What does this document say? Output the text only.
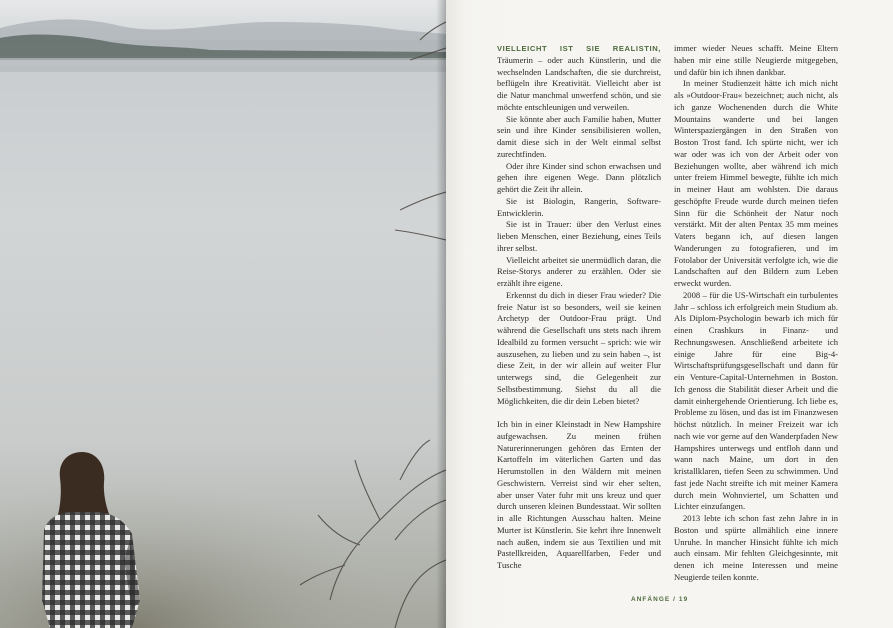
VIELLEICHT IST SIE REALISTIN, Träumerin – oder auch Künstlerin, und die wechselnden Landschaften, die sie durchreist, beflügeln ihre Kreativität. Vielleicht aber ist die Natur manchmal unwerfend schön, und sie möchte entschleunigen und verweilen.

Sie könnte aber auch Familie haben, Mutter sein und ihre Kinder sensibilisieren wollen, damit diese sich in der Welt einmal selbst zurechtfinden.

Oder ihre Kinder sind schon erwachsen und gehen ihre eigenen Wege. Dann plötzlich gehört die Zeit ihr allein.

Sie ist Biologin, Rangerin, Software-Entwicklerin.

Sie ist in Trauer: über den Verlust eines lieben Menschen, einer Beziehung, eines Teils ihrer selbst.

Vielleicht arbeitet sie unermüdlich daran, die Reise-Storys anderer zu erzählen. Oder sie erzählt ihre eigene.

Erkennst du dich in dieser Frau wieder? Die freie Natur ist so besonders, weil sie keinen Archetyp der Outdoor-Frau prägt. Und während die Gesellschaft uns stets nach ihrem Idealbild zu formen versucht – sprich: wie wir auszusehen, zu lieben und zu sein haben –, ist diese Zeit, in der wir allein auf weiter Flur unterwegs sind, die Gelegenheit zur Selbstbestimmung. Siehst du all die Möglichkeiten, die dir dein Leben bietet?

Ich bin in einer Kleinstadt in New Hampshire aufgewachsen. Zu meinen frühen Naturerinnerungen gehören das Ernten der Kartoffeln im väterlichen Garten und das Herumstollen in den Wäldern mit meinen Geschwistern. Verreist sind wir eher selten, aber unser Vater fuhr mit uns kreuz und quer durch unseren kleinen Bundesstaat. Wir sollten in alle Richtungen Ausschau halten. Meine Murter ist Künstlerin. Sie kehrt ihre Innenwelt nach außen, indem sie aus Textilien und mit Pastellkreiden, Aquarellfarben, Feder und Tusche

immer wieder Neues schafft. Meine Eltern haben mir eine stille Neugierde mitgegeben, und dafür bin ich ihnen dankbar.

In meiner Studienzeit hätte ich mich nicht als »Outdoor-Frau« bezeichnet; auch nicht, als ich ganze Wochenenden durch die White Mountains wanderte und bei langen Winterspaziergängen in den Straßen von Boston Trost fand. Ich spürte nicht, wer ich war oder was ich von der Arbeit oder von Beziehungen wollte, aber während ich mich unter freiem Himmel bewegte, fühlte ich mich in meiner Haut am wohlsten. Die daraus geschöpfte Freude wurde durch meinen tiefen Sinn für die Schönheit der Natur noch verstärkt. Mit der alten Pentax 35 mm meines Vaters begann ich, auf diesen langen Wanderungen zu fotografieren, und im Fotolabor der Universität verfolgte ich, wie die Landschaften auf den Bildern zum Leben erweckt wurden.

2008 – für die US-Wirtschaft ein turbulentes Jahr – schloss ich erfolgreich mein Studium ab. Als Diplom-Psychologin bewarb ich mich für einen Crashkurs in Finanz- und Rechnungswesen. Anschließend arbeitete ich einige Jahre für eine Big-4-Wirtschaftsprüfungsgesellschaft und dann für ein Venture-Capital-Unternehmen in Boston. Ich genoss die Stabilität dieser Arbeit und die damit einhergehende Orientierung. Ich liebe es, Probleme zu lösen, und das ist im Finanzwesen höchst nützlich. In meiner Freizeit war ich nach wie vor gerne auf den Wanderpfaden New Hampshires unterwegs und entfloh dann und wann nach Maine, um dort in den kristallklaren, tiefen Seen zu schwimmen. Und fast jede Nacht streifte ich mit meiner Kamera durch mein Wohnviertel, um Schatten und Lichter einzufangen.

2013 lebte ich schon fast zehn Jahre in in Boston und spürte allmählich eine innere Unruhe. In mancher Hinsicht fühlte ich mich auch einsam. Mir fehlten Gleichgesinnte, mit denen ich meine Interessen und meine Neugierde teilen konnte.

ANFÄNGE / 19
